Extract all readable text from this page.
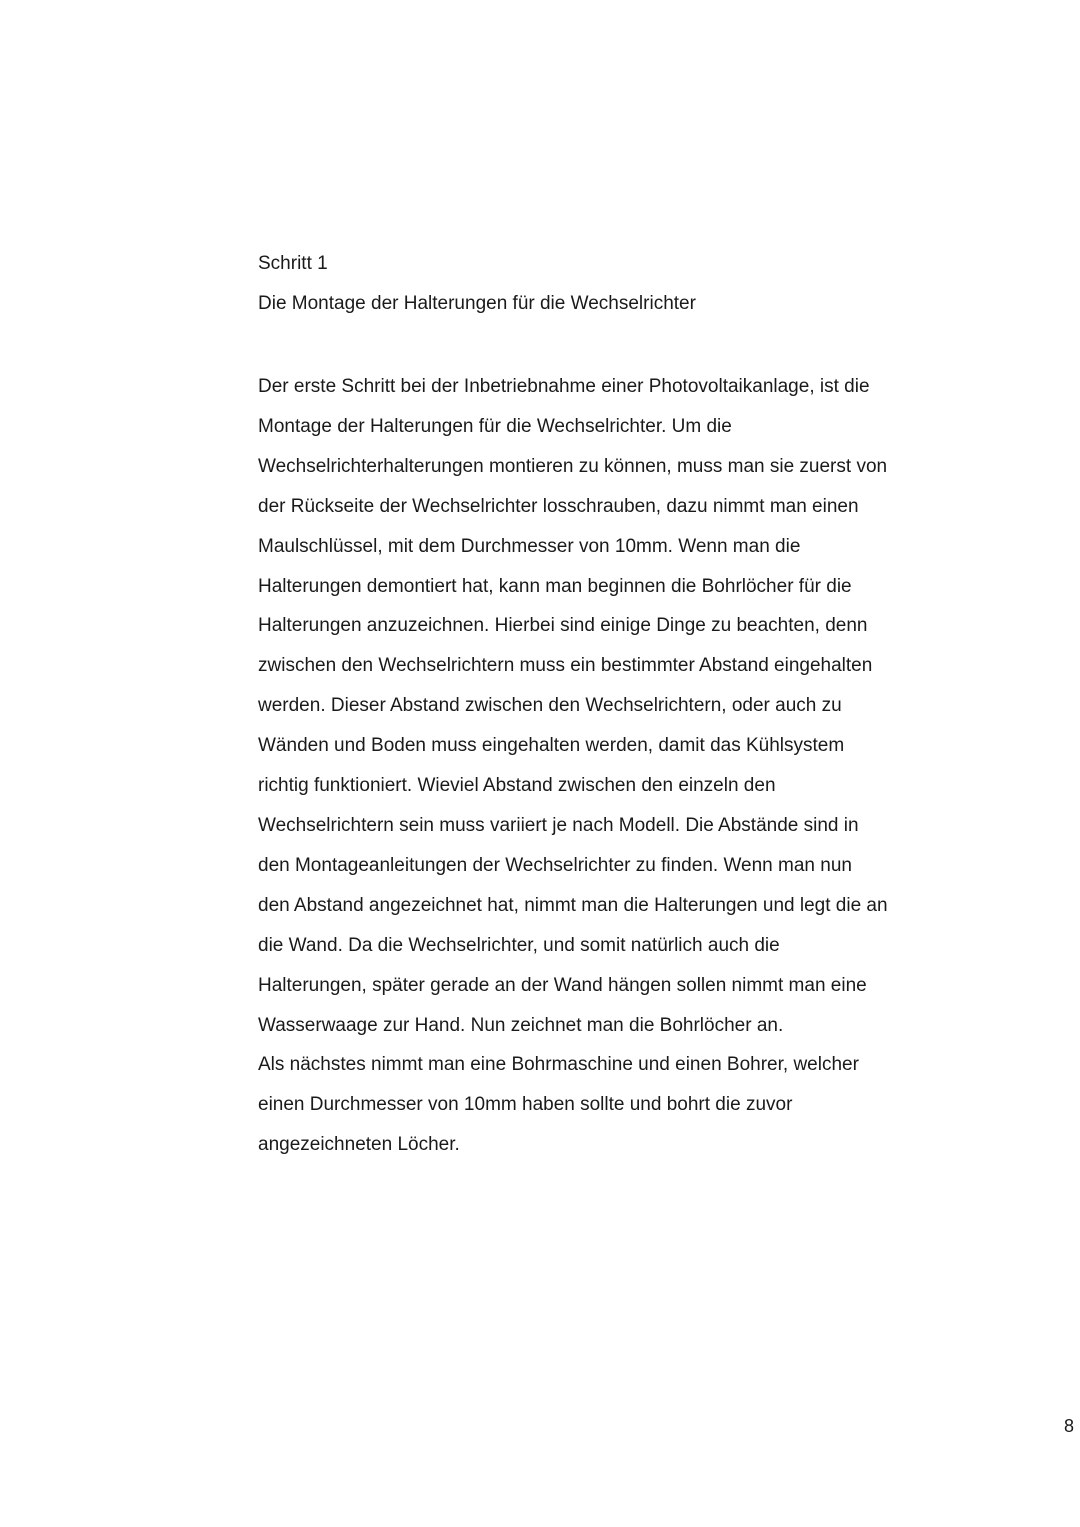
Schritt 1

Die Montage der Halterungen für die Wechselrichter
Der erste Schritt bei der Inbetriebnahme einer Photovoltaikanlage, ist die
Montage der Halterungen für die Wechselrichter. Um die
Wechselrichterhalterungen montieren zu können, muss man sie zuerst von
der Rückseite der Wechselrichter losschrauben, dazu nimmt man einen
Maulschlüssel, mit dem Durchmesser von 10mm. Wenn man die
Halterungen demontiert hat, kann man beginnen die Bohrlöcher für die
Halterungen anzuzeichnen. Hierbei sind einige Dinge zu beachten, denn
zwischen den Wechselrichtern muss ein bestimmter Abstand eingehalten
werden. Dieser Abstand zwischen den Wechselrichtern, oder auch zu
Wänden und Boden muss eingehalten werden, damit das Kühlsystem
richtig funktioniert. Wieviel Abstand zwischen den einzeln den
Wechselrichtern sein muss variiert je nach Modell. Die Abstände sind in
den Montageanleitungen der Wechselrichter zu finden. Wenn man nun
den Abstand angezeichnet hat, nimmt man die Halterungen und legt die an
die Wand. Da die Wechselrichter, und somit natürlich auch die
Halterungen, später gerade an der Wand hängen sollen nimmt man eine
Wasserwaage zur Hand. Nun zeichnet man die Bohrlöcher an.
Als nächstes nimmt man eine Bohrmaschine und einen Bohrer, welcher
einen Durchmesser von 10mm haben sollte und bohrt die zuvor
angezeichneten Löcher.
8
